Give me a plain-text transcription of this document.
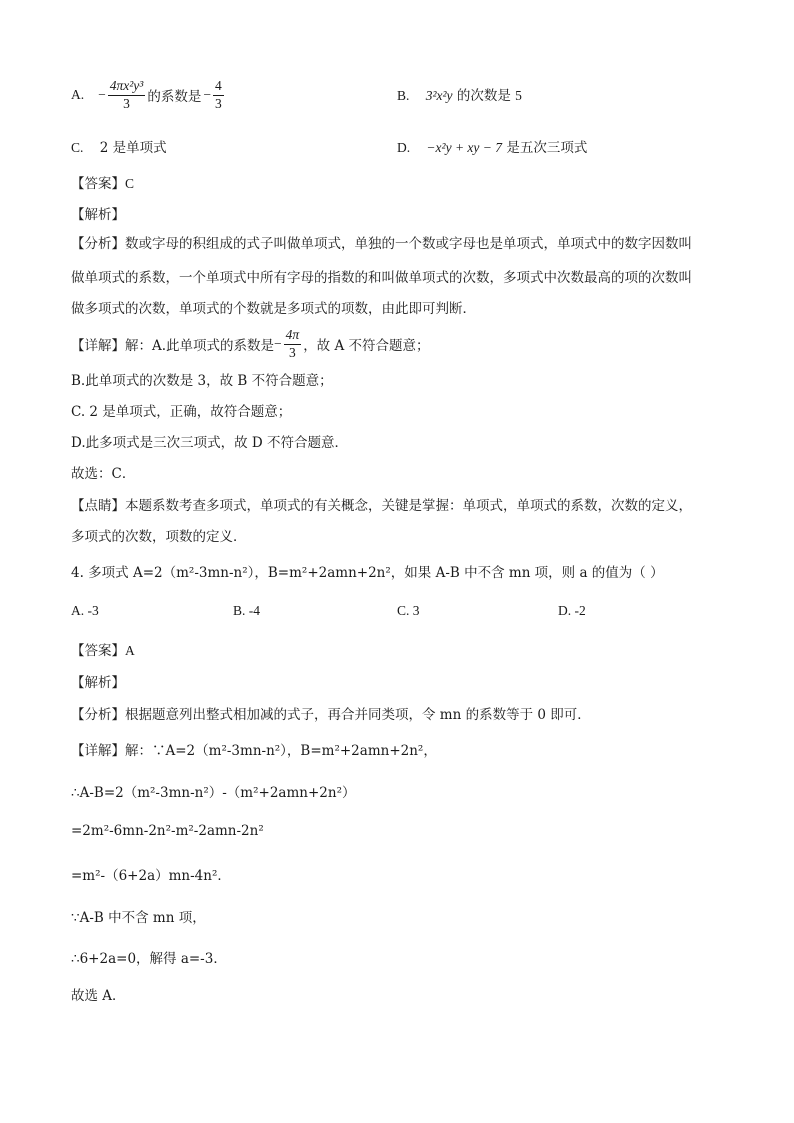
A. − $\frac{\text{4πx²y³}}{3}$ 的系数是 − $\frac{4}{3}$	B. 3²x²y 的次数是 5
C. 2 是单项式	D. −x²y + xy − 7 是五次三项式
【答案】C
【解析】
【分析】数或字母的积组成的式子叫做单项式，单独的一个数或字母也是单项式，单项式中的数字因数叫
做单项式的系数，一个单项式中所有字母的指数的和叫做单项式的次数，多项式中次数最高的项的次数叫
做多项式的次数，单项式的个数就是多项式的项数，由此即可判断．
【详解】 解：A.此单项式的系数是 − $\frac{4\pi}{3}$ ，故 A 不符合题意；
B.此单项式的次数是 3，故 B 不符合题意；
C. 2 是单项式，正确，故符合题意；
D.此多项式是三次三项式，故 D 不符合题意．
故选：C．
【点睛】本题系数考查多项式，单项式的有关概念，关键是掌握：单项式，单项式的系数，次数的定义，
多项式的次数，项数的定义．
4. 多项式 A=2（m²-3mn-n²），B=m²+2amn+2n²，如果 A-B 中不含 mn 项，则 a 的值为（ ）
A. -3	B. -4	C. 3	D. -2
【答案】A
【解析】
【分析】根据题意列出整式相加减的式子，再合并同类项，令 mn 的系数等于 0 即可．
【详解】解：∵A=2（m²-3mn-n²），B=m²+2amn+2n²，
∴A-B=2（m²-3mn-n²）-（m²+2amn+2n²）
=2m²-6mn-2n²-m²-2amn-2n²
=m²-（6+2a）mn-4n²．
∵A-B 中不含 mn 项，
∴6+2a=0，解得 a=-3．
故选 A．
